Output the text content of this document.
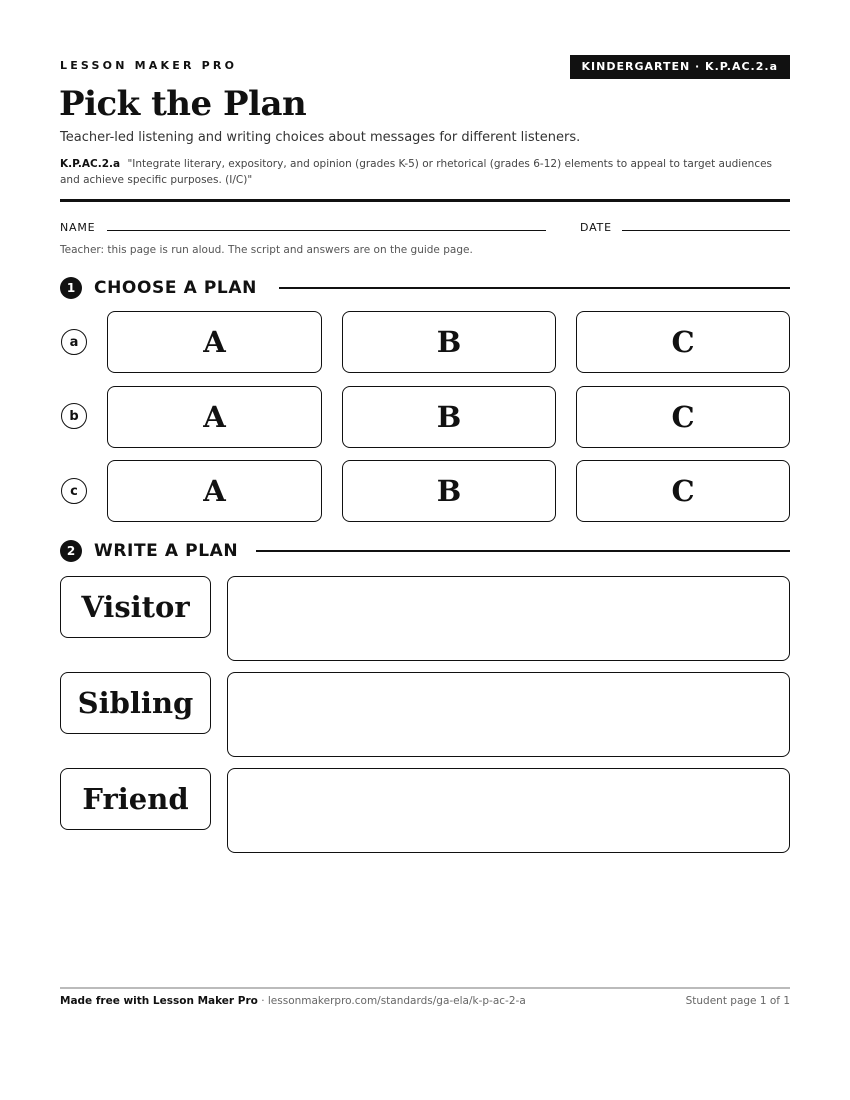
LESSON MAKER PRO	KINDERGARTEN · K.P.AC.2.a
Pick the Plan
Teacher-led listening and writing choices about messages for different listeners.
K.P.AC.2.a "Integrate literary, expository, and opinion (grades K-5) or rhetorical (grades 6-12) elements to appeal to target audiences and achieve specific purposes. (I/C)"
NAME	DATE
Teacher: this page is run aloud. The script and answers are on the guide page.
1	CHOOSE A PLAN
a	A	B	C
b	A	B	C
c	A	B	C
2	WRITE A PLAN
Visitor
Sibling
Friend
Made free with Lesson Maker Pro · lessonmakerpro.com/standards/ga-ela/k-p-ac-2-a	Student page 1 of 1
